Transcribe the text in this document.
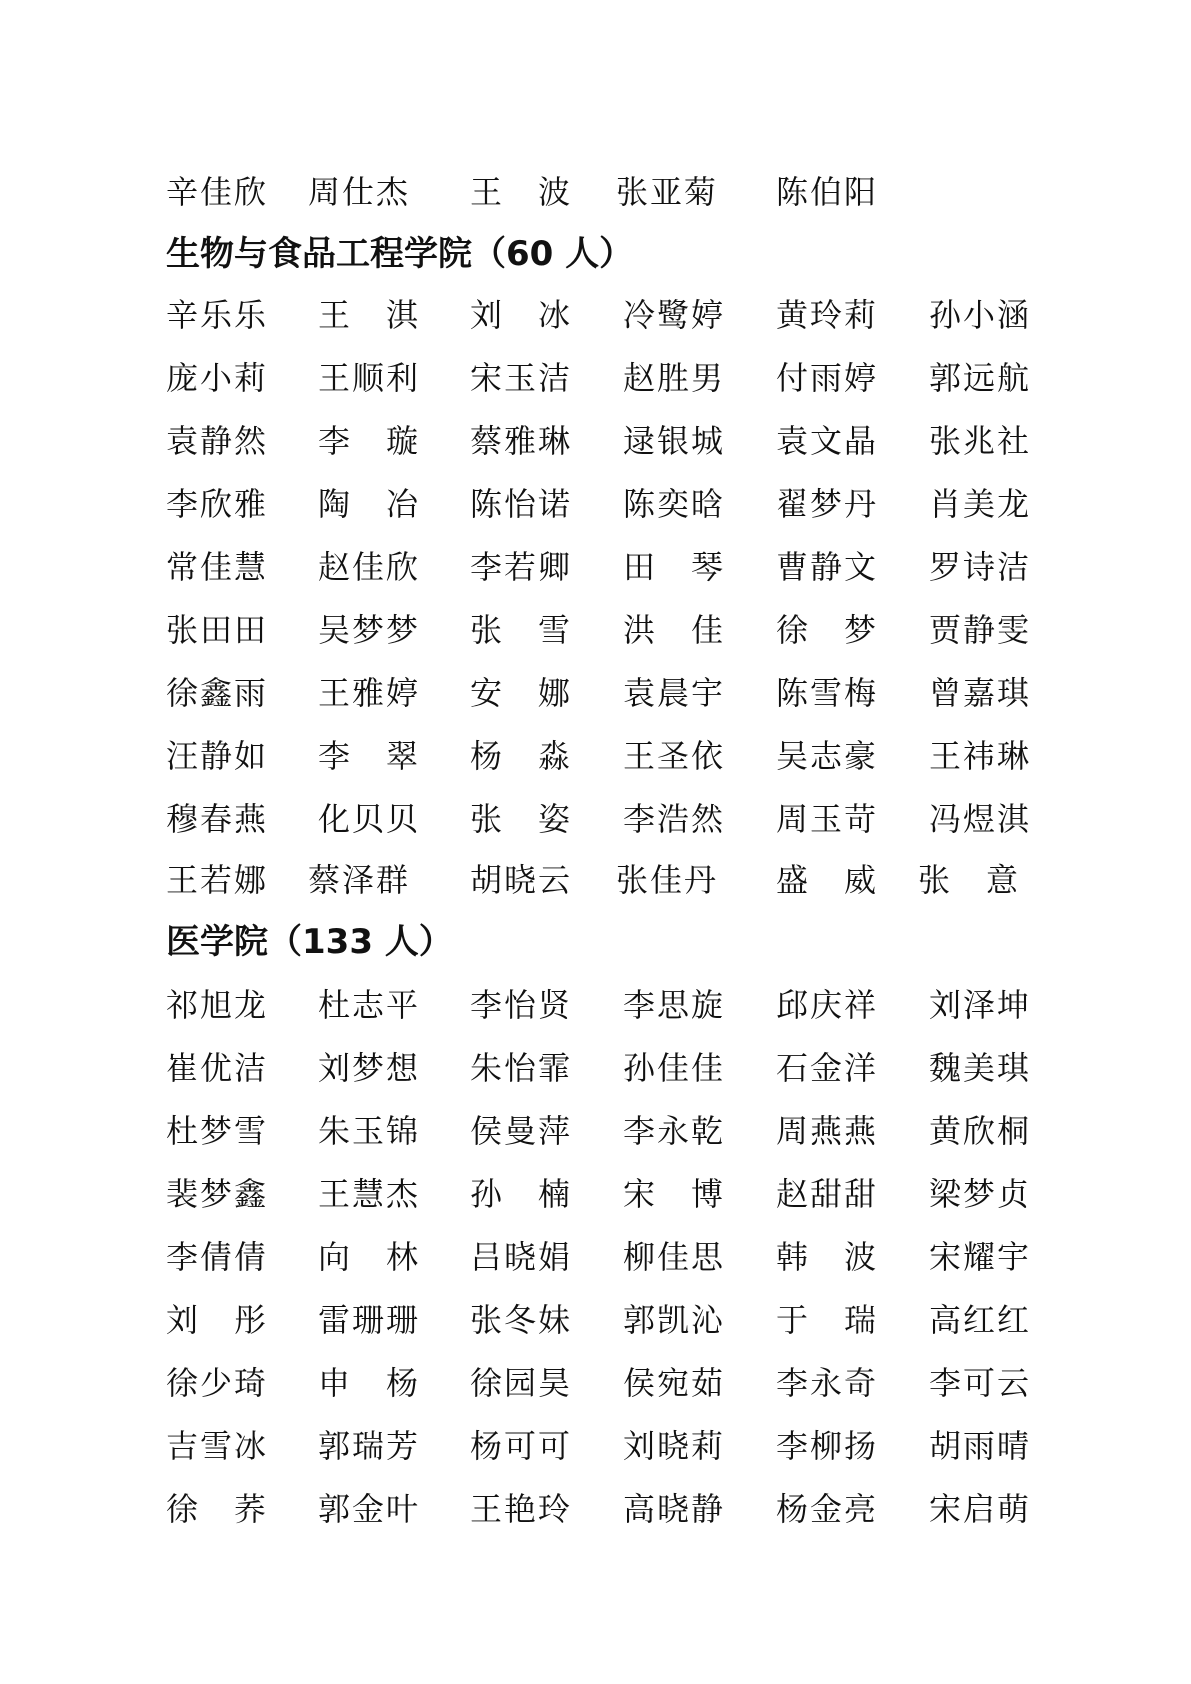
辛佳欣 周仕杰 王　波 张亚菊 陈伯阳
生物与食品工程学院（60 人）
辛乐乐 王　淇 刘　冰 冷鹭婷 黄玲莉 孙小涵
庞小莉 王顺利 宋玉洁 赵胜男 付雨婷 郭远航
袁静然 李　璇 蔡雅琳 逯银城 袁文晶 张兆社
李欣雅 陶　冶 陈怡诺 陈奕晗 翟梦丹 肖美龙
常佳慧 赵佳欣 李若卿 田　琴 曹静文 罗诗洁
张田田 吴梦梦 张　雪 洪　佳 徐　梦 贾静雯
徐鑫雨 王雅婷 安　娜 袁晨宇 陈雪梅 曾嘉琪
汪静如 李　翠 杨　淼 王圣依 吴志豪 王祎琳
穆春燕 化贝贝 张　姿 李浩然 周玉苛 冯煜淇
王若娜 蔡泽群 胡晓云 张佳丹 盛　威 张　意
医学院（133 人）
祁旭龙 杜志平 李怡贤 李思旋 邱庆祥 刘泽坤
崔优洁 刘梦想 朱怡霏 孙佳佳 石金洋 魏美琪
杜梦雪 朱玉锦 侯曼萍 李永乾 周燕燕 黄欣桐
裴梦鑫 王慧杰 孙　楠 宋　博 赵甜甜 梁梦贞
李倩倩 向　林 吕晓娟 柳佳思 韩　波 宋耀宇
刘　彤 雷珊珊 张冬妹 郭凯沁 于　瑞 高红红
徐少琦 申　杨 徐园昊 侯宛茹 李永奇 李可云
吉雪冰 郭瑞芳 杨可可 刘晓莉 李柳扬 胡雨晴
徐　荞 郭金叶 王艳玲 高晓静 杨金亮 宋启萌
